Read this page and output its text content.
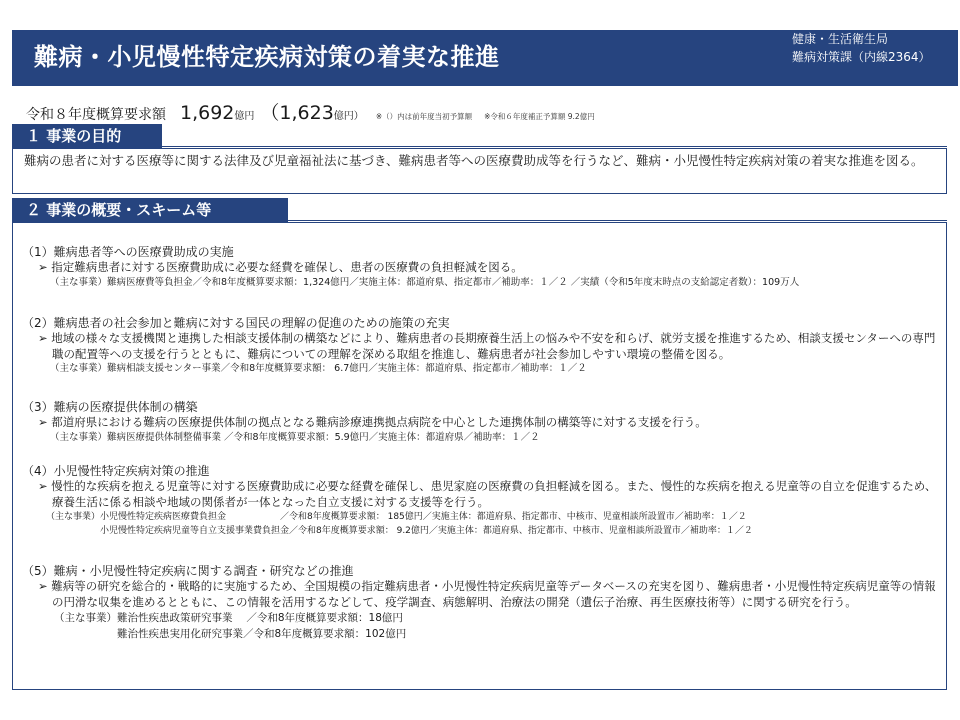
難病・小児慢性特定疾病対策の着実な推進
健康・生活衛生局
難病対策課（内線2364）
令和８年度概算要求額 1,692 億円 （1,623 億円） ※（）内は前年度当初予算額 ※令和６年度補正予算額 9.2億円
１ 事業の目的
難病の患者に対する医療等に関する法律及び児童福祉法に基づき、難病患者等への医療費助成等を行うなど、難病・小児慢性特定疾病対策の着実な推進を図る。
２ 事業の概要・スキーム等
（1）難病患者等への医療費助成の実施
➢ 指定難病患者に対する医療費助成に必要な経費を確保し、患者の医療費の負担軽減を図る。
（主な事業）難病医療費等負担金／令和8年度概算要求額：1,324億円／実施主体：都道府県、指定都市／補助率：１／２ ／実績（令和5年度末時点の支給認定者数）：109万人
（2）難病患者の社会参加と難病に対する国民の理解の促進のための施策の充実
➢ 地域の様々な支援機関と連携した相談支援体制の構築などにより、難病患者の長期療養生活上の悩みや不安を和らげ、就労支援を推進するため、相談支援センターへの専門職の配置等への支援を行うとともに、難病についての理解を深める取組を推進し、難病患者が社会参加しやすい環境の整備を図る。
（主な事業）難病相談支援センター事業／令和8年度概算要求額： 6.7億円／実施主体：都道府県、指定都市／補助率：１／２
（3）難病の医療提供体制の構築
➢ 都道府県における難病の医療提供体制の拠点となる難病診療連携拠点病院を中心とした連携体制の構築等に対する支援を行う。
（主な事業）難病医療提供体制整備事業 ／令和8年度概算要求額：5.9億円／実施主体：都道府県／補助率：１／２
（4）小児慢性特定疾病対策の推進
➢ 慢性的な疾病を抱える児童等に対する医療費助成に必要な経費を確保し、患児家庭の医療費の負担軽減を図る。また、慢性的な疾病を抱える児童等の自立を促進するため、療養生活に係る相談や地域の関係者が一体となった自立支援に対する支援等を行う。
（主な事業）小児慢性特定疾病医療費負担金　　　　　　／令和8年度概算要求額： 185億円／実施主体：都道府県、指定都市、中核市、児童相談所設置市／補助率：１／２
　　　　　　小児慢性特定疾病児童等自立支援事業費負担金／令和8年度概算要求額： 9.2億円／実施主体：都道府県、指定都市、中核市、児童相談所設置市／補助率：１／２
（5）難病・小児慢性特定疾病に関する調査・研究などの推進
➢ 難病等の研究を総合的・戦略的に実施するため、全国規模の指定難病患者・小児慢性特定疾病児童等データベースの充実を図り、難病患者・小児慢性特定疾病児童等の情報の円滑な収集を進めるとともに、この情報を活用するなどして、疫学調査、病態解明、治療法の開発（遺伝子治療、再生医療技術等）に関する研究を行う。
（主な事業）難治性疾患政策研究事業　 ／令和8年度概算要求額：18億円
　　　　　　難治性疾患実用化研究事業／令和8年度概算要求額：102億円
